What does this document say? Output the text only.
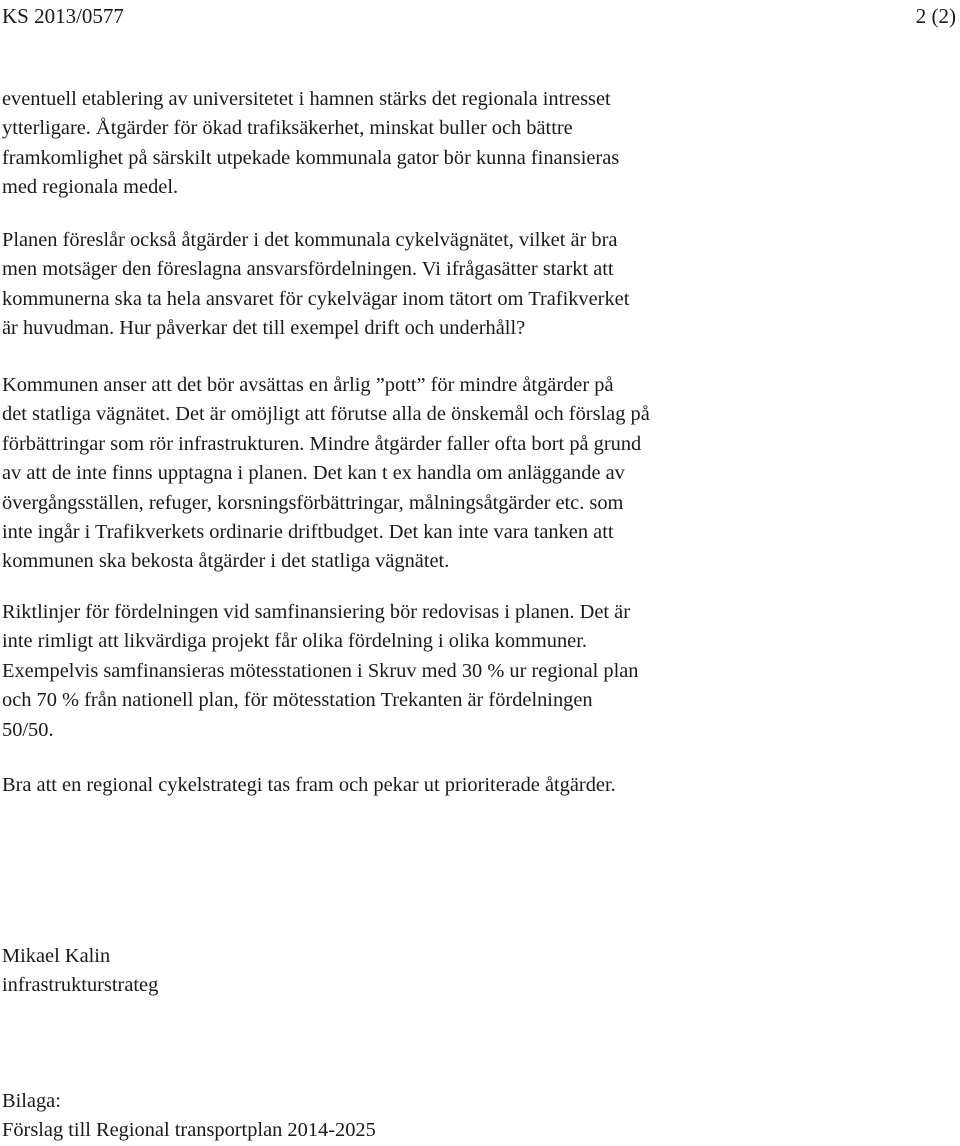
KS 2013/0577	2 (2)
eventuell etablering av universitetet i hamnen stärks det regionala intresset
ytterligare. Åtgärder för ökad trafiksäkerhet, minskat buller och bättre
framkomlighet på särskilt utpekade kommunala gator bör kunna finansieras
med regionala medel.
Planen föreslår också åtgärder i det kommunala cykelvägnätet, vilket är bra
men motsäger den föreslagna ansvarsfördelningen. Vi ifrågasätter starkt att
kommunerna ska ta hela ansvaret för cykelvägar inom tätort om Trafikverket
är huvudman. Hur påverkar det till exempel drift och underhåll?
Kommunen anser att det bör avsättas en årlig ”pott” för mindre åtgärder på
det statliga vägnätet. Det är omöjligt att förutse alla de önskemål och förslag på
förbättringar som rör infrastrukturen. Mindre åtgärder faller ofta bort på grund
av att de inte finns upptagna i planen. Det kan t ex handla om anläggande av
övergångsställen, refuger, korsningsförbättringar, målningsåtgärder etc. som
inte ingår i Trafikverkets ordinarie driftbudget. Det kan inte vara tanken att
kommunen ska bekosta åtgärder i det statliga vägnätet.
Riktlinjer för fördelningen vid samfinansiering bör redovisas i planen. Det är
inte rimligt att likvärdiga projekt får olika fördelning i olika kommuner.
Exempelvis samfinansieras mötesstationen i Skruv med 30 % ur regional plan
och 70 % från nationell plan, för mötesstation Trekanten är fördelningen
50/50.
Bra att en regional cykelstrategi tas fram och pekar ut prioriterade åtgärder.
Mikael Kalin
infrastrukturstrateg
Bilaga:
Förslag till Regional transportplan 2014-2025
